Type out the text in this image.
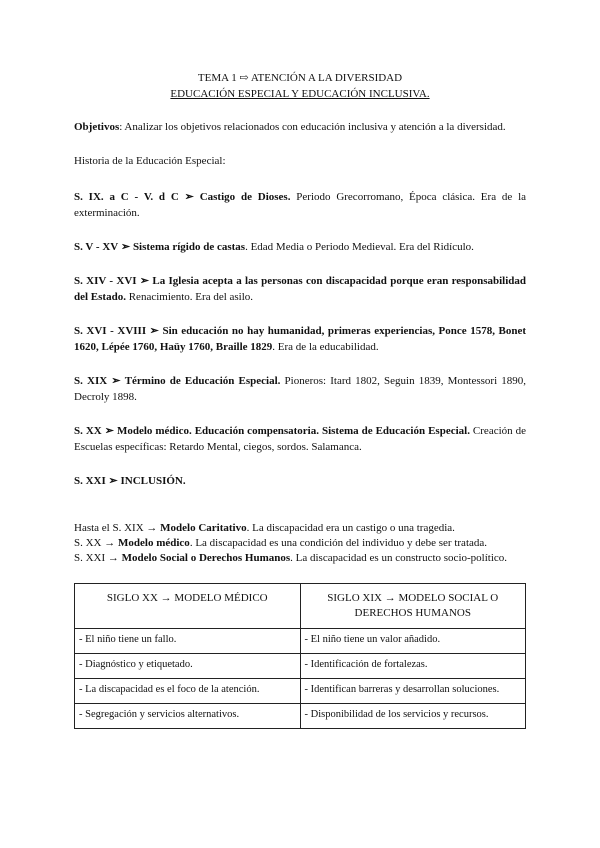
TEMA 1 ⇨ ATENCIÓN A LA DIVERSIDAD
EDUCACIÓN ESPECIAL Y EDUCACIÓN INCLUSIVA.

Objetivos: Analizar los objetivos relacionados con educación inclusiva y atención a la diversidad.

Historia de la Educación Especial:

S. IX. a C - V. d C ➢ Castigo de Dioses. Periodo Grecorromano, Época clásica. Era de la exterminación.

S. V - XV ➢ Sistema rígido de castas. Edad Media o Periodo Medieval. Era del Ridículo.

S. XIV - XVI ➢ La Iglesia acepta a las personas con discapacidad porque eran responsabilidad del Estado. Renacimiento. Era del asilo.

S. XVI - XVIII ➢ Sin educación no hay humanidad, primeras experiencias, Ponce 1578, Bonet 1620, Lépée 1760, Haüy 1760, Braille 1829. Era de la educabilidad.

S. XIX ➢ Término de Educación Especial. Pioneros: Itard 1802, Seguin 1839, Montessori 1890, Decroly 1898.

S. XX ➢ Modelo médico. Educación compensatoria. Sistema de Educación Especial. Creación de Escuelas específicas: Retardo Mental, ciegos, sordos. Salamanca.

S. XXI ➢ INCLUSIÓN.

Hasta el S. XIX → Modelo Caritativo. La discapacidad era un castigo o una tragedia.

S. XX → Modelo médico. La discapacidad es una condición del individuo y debe ser tratada.

S. XXI → Modelo Social o Derechos Humanos. La discapacidad es un constructo socio-político.

SIGLO XX → MODELO MÉDICO	SIGLO XIX → MODELO SOCIAL O DERECHOS HUMANOS
- El niño tiene un fallo.	- El niño tiene un valor añadido.
- Diagnóstico y etiquetado.	- Identificación de fortalezas.
- La discapacidad es el foco de la atención.	- Identifican barreras y desarrollan soluciones.
- Segregación y servicios alternativos.	- Disponibilidad de los servicios y recursos.
